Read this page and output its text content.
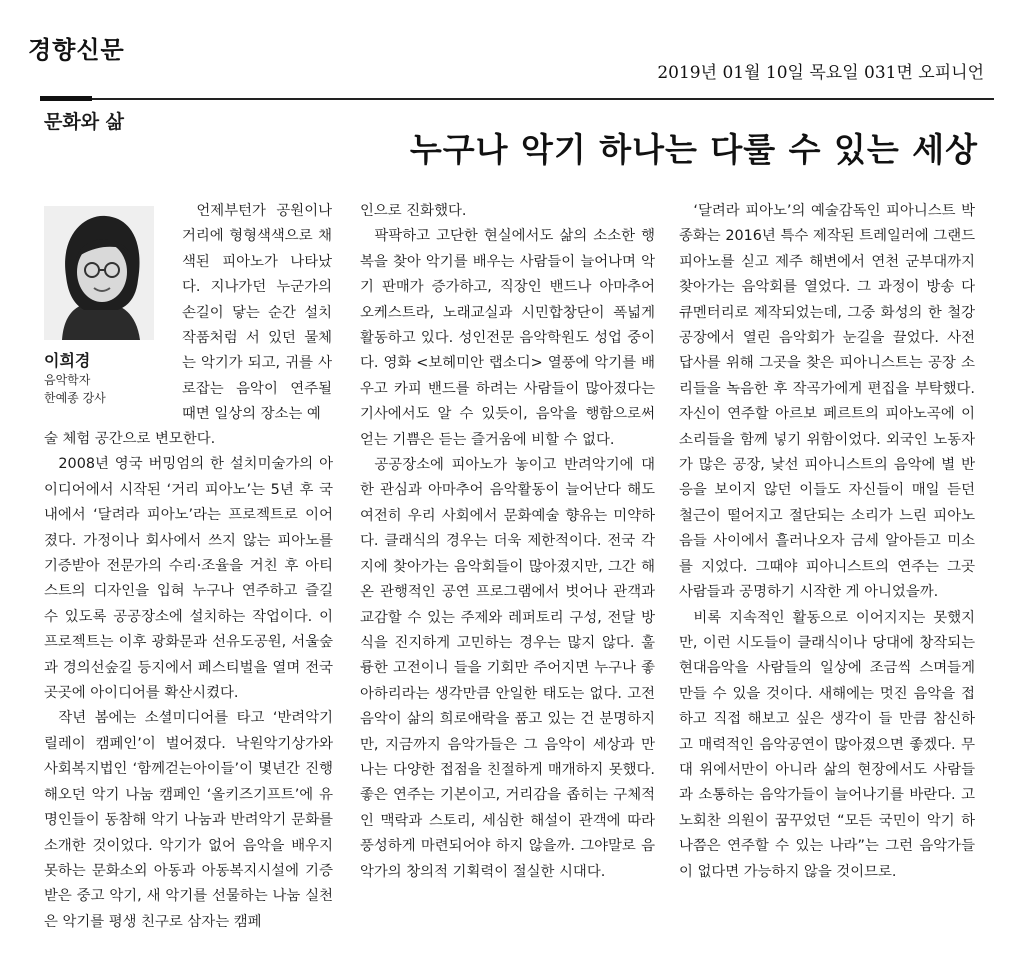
경향신문
2019년 01월 10일 목요일 031면 오피니언
문화와 삶
누구나 악기 하나는 다룰 수 있는 세상
이희경
음악학자
한예종 강사

언제부턴가 공원이나 거리에 형형색색으로 채색된 피아노가 나타났다. 지나가던 누군가의 손길이 닿는 순간 설치 작품처럼 서 있던 물체는 악기가 되고, 귀를 사로잡는 음악이 연주될 때면 일상의 장소는 예

술 체험 공간으로 변모한다.

2008년 영국 버밍엄의 한 설치미술가의 아이디어에서 시작된 ‘거리 피아노’는 5년 후 국내에서 ‘달려라 피아노’라는 프로젝트로 이어졌다. 가정이나 회사에서 쓰지 않는 피아노를 기증받아 전문가의 수리·조율을 거친 후 아티스트의 디자인을 입혀 누구나 연주하고 즐길 수 있도록 공공장소에 설치하는 작업이다. 이 프로젝트는 이후 광화문과 선유도공원, 서울숲과 경의선숲길 등지에서 페스티벌을 열며 전국 곳곳에 아이디어를 확산시켰다.

작년 봄에는 소셜미디어를 타고 ‘반려악기 릴레이 캠페인’이 벌어졌다. 낙원악기상가와 사회복지법인 ‘함께걷는아이들’이 몇년간 진행해오던 악기 나눔 캠페인 ‘올키즈기프트’에 유명인들이 동참해 악기 나눔과 반려악기 문화를 소개한 것이었다. 악기가 없어 음악을 배우지 못하는 문화소외 아동과 아동복지시설에 기증받은 중고 악기, 새 악기를 선물하는 나눔 실천은 악기를 평생 친구로 삼자는 캠페

인으로 진화했다.

팍팍하고 고단한 현실에서도 삶의 소소한 행복을 찾아 악기를 배우는 사람들이 늘어나며 악기 판매가 증가하고, 직장인 밴드나 아마추어 오케스트라, 노래교실과 시민합창단이 폭넓게 활동하고 있다. 성인전문 음악학원도 성업 중이다. 영화 <보헤미안 랩소디> 열풍에 악기를 배우고 카피 밴드를 하려는 사람들이 많아졌다는 기사에서도 알 수 있듯이, 음악을 행함으로써 얻는 기쁨은 듣는 즐거움에 비할 수 없다.

공공장소에 피아노가 놓이고 반려악기에 대한 관심과 아마추어 음악활동이 늘어난다 해도 여전히 우리 사회에서 문화예술 향유는 미약하다. 클래식의 경우는 더욱 제한적이다. 전국 각지에 찾아가는 음악회들이 많아졌지만, 그간 해온 관행적인 공연 프로그램에서 벗어나 관객과 교감할 수 있는 주제와 레퍼토리 구성, 전달 방식을 진지하게 고민하는 경우는 많지 않다. 훌륭한 고전이니 들을 기회만 주어지면 누구나 좋아하리라는 생각만큼 안일한 태도는 없다. 고전음악이 삶의 희로애락을 품고 있는 건 분명하지만, 지금까지 음악가들은 그 음악이 세상과 만나는 다양한 접점을 친절하게 매개하지 못했다. 좋은 연주는 기본이고, 거리감을 좁히는 구체적인 맥락과 스토리, 세심한 해설이 관객에 따라 풍성하게 마련되어야 하지 않을까. 그야말로 음악가의 창의적 기획력이 절실한 시대다.

‘달려라 피아노’의 예술감독인 피아니스트 박종화는 2016년 특수 제작된 트레일러에 그랜드피아노를 싣고 제주 해변에서 연천 군부대까지 찾아가는 음악회를 열었다. 그 과정이 방송 다큐멘터리로 제작되었는데, 그중 화성의 한 철강공장에서 열린 음악회가 눈길을 끌었다. 사전 답사를 위해 그곳을 찾은 피아니스트는 공장 소리들을 녹음한 후 작곡가에게 편집을 부탁했다. 자신이 연주할 아르보 페르트의 피아노곡에 이 소리들을 함께 넣기 위함이었다. 외국인 노동자가 많은 공장, 낯선 피아니스트의 음악에 별 반응을 보이지 않던 이들도 자신들이 매일 듣던 철근이 떨어지고 절단되는 소리가 느린 피아노 음들 사이에서 흘러나오자 금세 알아듣고 미소를 지었다. 그때야 피아니스트의 연주는 그곳 사람들과 공명하기 시작한 게 아니었을까.

비록 지속적인 활동으로 이어지지는 못했지만, 이런 시도들이 클래식이나 당대에 창작되는 현대음악을 사람들의 일상에 조금씩 스며들게 만들 수 있을 것이다. 새해에는 멋진 음악을 접하고 직접 해보고 싶은 생각이 들 만큼 참신하고 매력적인 음악공연이 많아졌으면 좋겠다. 무대 위에서만이 아니라 삶의 현장에서도 사람들과 소통하는 음악가들이 늘어나기를 바란다. 고 노회찬 의원이 꿈꾸었던 “모든 국민이 악기 하나쯤은 연주할 수 있는 나라”는 그런 음악가들이 없다면 가능하지 않을 것이므로.
